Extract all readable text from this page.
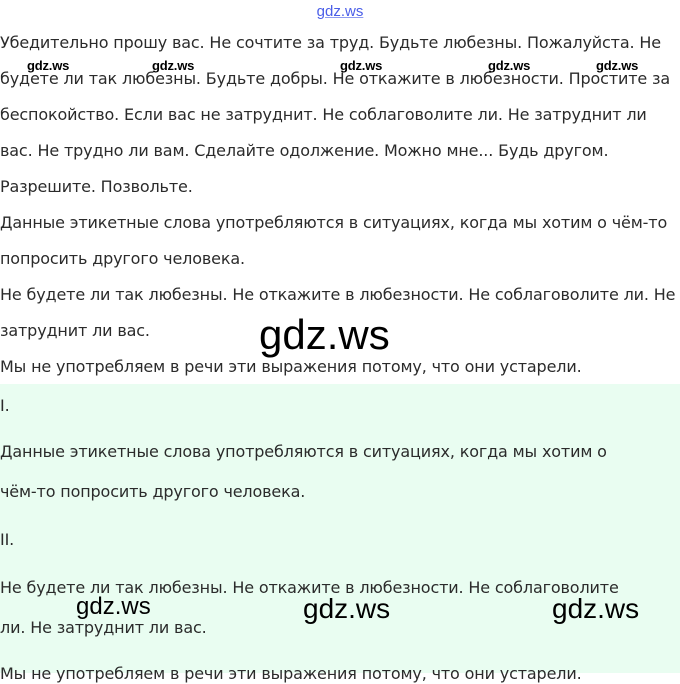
gdz.ws
Убедительно прошу вас. Не сочтите за труд. Будьте любезны. Пожалуйста. Не
будете ли так любезны. Будьте добры. Не откажите в любезности. Простите за
беспокойство. Если вас не затруднит. Не соблаговолите ли. Не затруднит ли
вас. Не трудно ли вам. Сделайте одолжение. Можно мне... Будь другом.
Разрешите. Позвольте.
Данные этикетные слова употребляются в ситуациях, когда мы хотим о чём-то
попросить другого человека.
Не будете ли так любезны. Не откажите в любезности. Не соблаговолите ли. Не
затруднит ли вас.
Мы не употребляем в речи эти выражения потому, что они устарели.
gdz.ws	gdz.ws	gdz.ws	gdz.ws	gdz.ws
I.
Данные этикетные слова употребляются в ситуациях, когда мы хотим о
чём-то попросить другого человека.
II.
Не будете ли так любезны. Не откажите в любезности. Не соблаговолите
ли. Не затруднит ли вас.
Мы не употребляем в речи эти выражения потому, что они устарели.
gdz.ws
gdz.ws	gdz.ws	gdz.ws
